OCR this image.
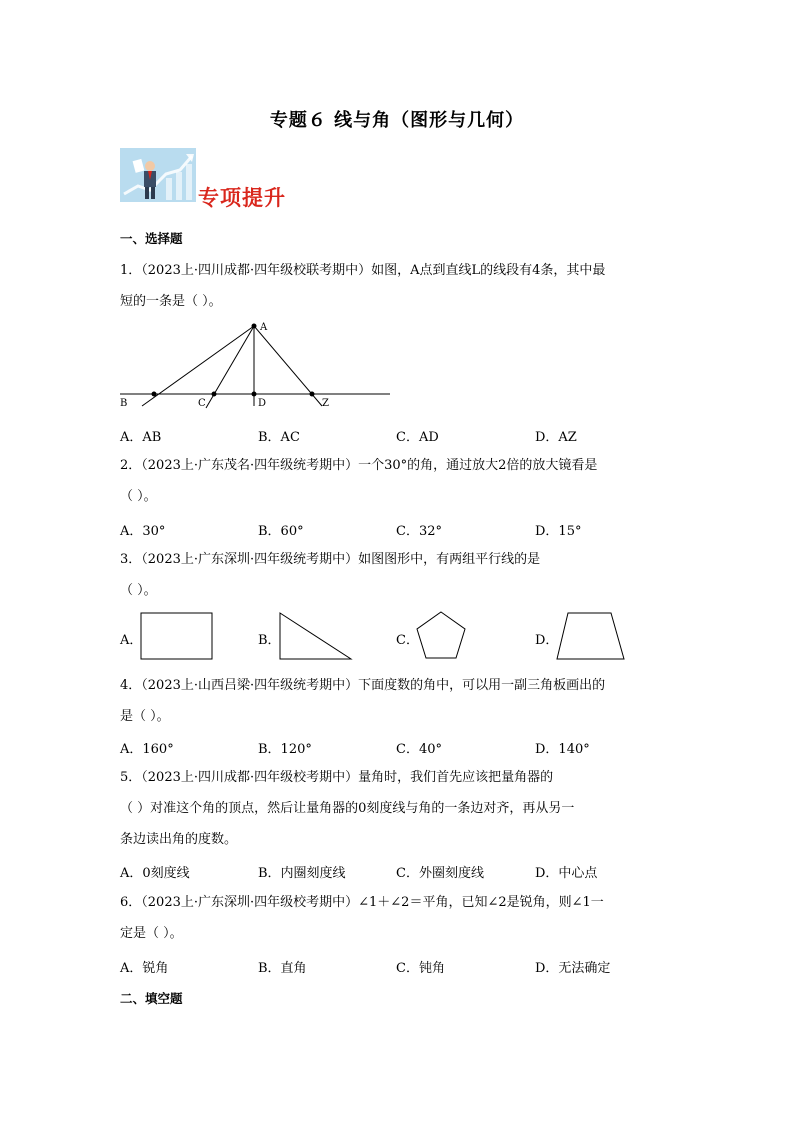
专题６ 线与角（图形与几何）
专项提升
一、选择题
1．（2023上·四川成都·四年级校联考期中）如图，A点到直线L的线段有4条，其中最
短的一条是（ ）。
A
B	C	D	Z
A．AB	B．AC	C．AD	D．AZ
2．（2023上·广东茂名·四年级统考期中）一个30°的角，通过放大2倍的放大镜看是
（ ）。
A．30°	B．60°	C．32°	D．15°
3．（2023上·广东深圳·四年级统考期中）如图图形中，有两组平行线的是
（ ）。
A．	B．	C．	D．
4．（2023上·山西吕梁·四年级统考期中）下面度数的角中，可以用一副三角板画出的
是（ ）。
A．160°	B．120°	C．40°	D．140°
5．（2023上·四川成都·四年级校考期中）量角时，我们首先应该把量角器的
（ ）对准这个角的顶点，然后让量角器的0刻度线与角的一条边对齐，再从另一
条边读出角的度数。
A．0刻度线	B．内圈刻度线	C．外圈刻度线	D．中心点
6．（2023上·广东深圳·四年级校考期中）∠1＋∠2＝平角，已知∠2是锐角，则∠1一
定是（ ）。
A．锐角	B．直角	C．钝角	D．无法确定
二、填空题
